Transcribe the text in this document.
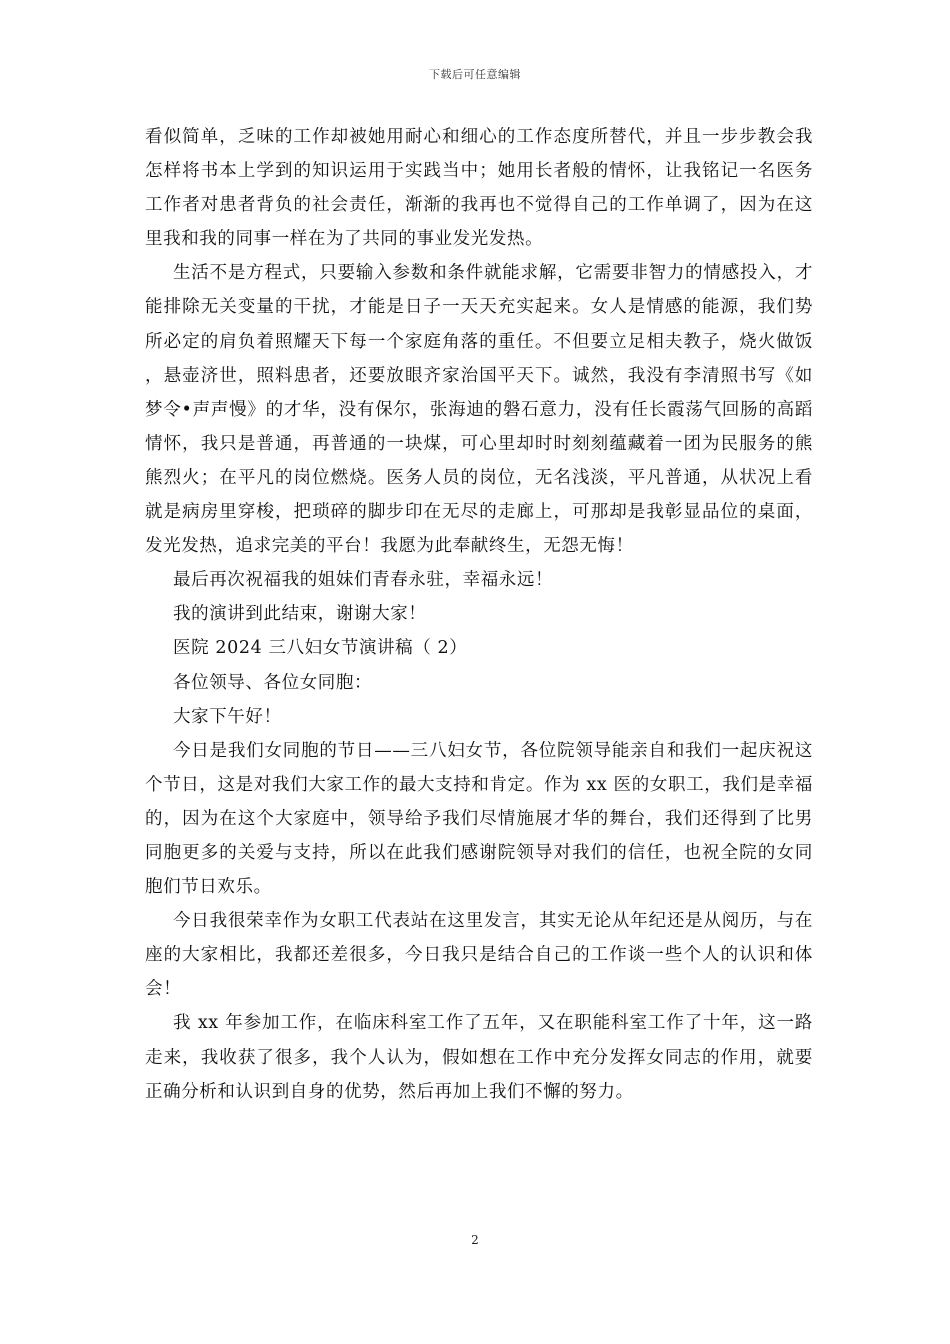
下载后可任意编辑

看似简单，乏味的工作却被她用耐心和细心的工作态度所替代，并且一步步教会我怎样将书本上学到的知识运用于实践当中；她用长者般的情怀，让我铭记一名医务工作者对患者背负的社会责任，渐渐的我再也不觉得自己的工作单调了，因为在这里我和我的同事一样在为了共同的事业发光发热。

生活不是方程式，只要输入参数和条件就能求解，它需要非智力的情感投入，才能排除无关变量的干扰，才能是日子一天天充实起来。女人是情感的能源，我们势所必定的肩负着照耀天下每一个家庭角落的重任。不但要立足相夫教子，烧火做饭，悬壶济世，照料患者，还要放眼齐家治国平天下。诚然，我没有李清照书写《如梦令•声声慢》的才华，没有保尔，张海迪的磐石意力，没有任长霞荡气回肠的高蹈情怀，我只是普通，再普通的一块煤，可心里却时时刻刻蕴藏着一团为民服务的熊熊烈火；在平凡的岗位燃烧。医务人员的岗位，无名浅淡，平凡普通，从状况上看就是病房里穿梭，把琐碎的脚步印在无尽的走廊上，可那却是我彰显品位的桌面，发光发热，追求完美的平台！我愿为此奉献终生，无怨无悔！

最后再次祝福我的姐妹们青春永驻，幸福永远！

我的演讲到此结束，谢谢大家！

医院 2024 三八妇女节演讲稿（ 2）

各位领导、各位女同胞：

大家下午好！

今日是我们女同胞的节日——三八妇女节，各位院领导能亲自和我们一起庆祝这个节日，这是对我们大家工作的最大支持和肯定。作为 xx 医的女职工，我们是幸福的，因为在这个大家庭中，领导给予我们尽情施展才华的舞台，我们还得到了比男同胞更多的关爱与支持，所以在此我们感谢院领导对我们的信任，也祝全院的女同胞们节日欢乐。

今日我很荣幸作为女职工代表站在这里发言，其实无论从年纪还是从阅历，与在座的大家相比，我都还差很多，今日我只是结合自己的工作谈一些个人的认识和体会！

我 xx 年参加工作，在临床科室工作了五年，又在职能科室工作了十年，这一路走来，我收获了很多，我个人认为，假如想在工作中充分发挥女同志的作用，就要正确分析和认识到自身的优势，然后再加上我们不懈的努力。

2
